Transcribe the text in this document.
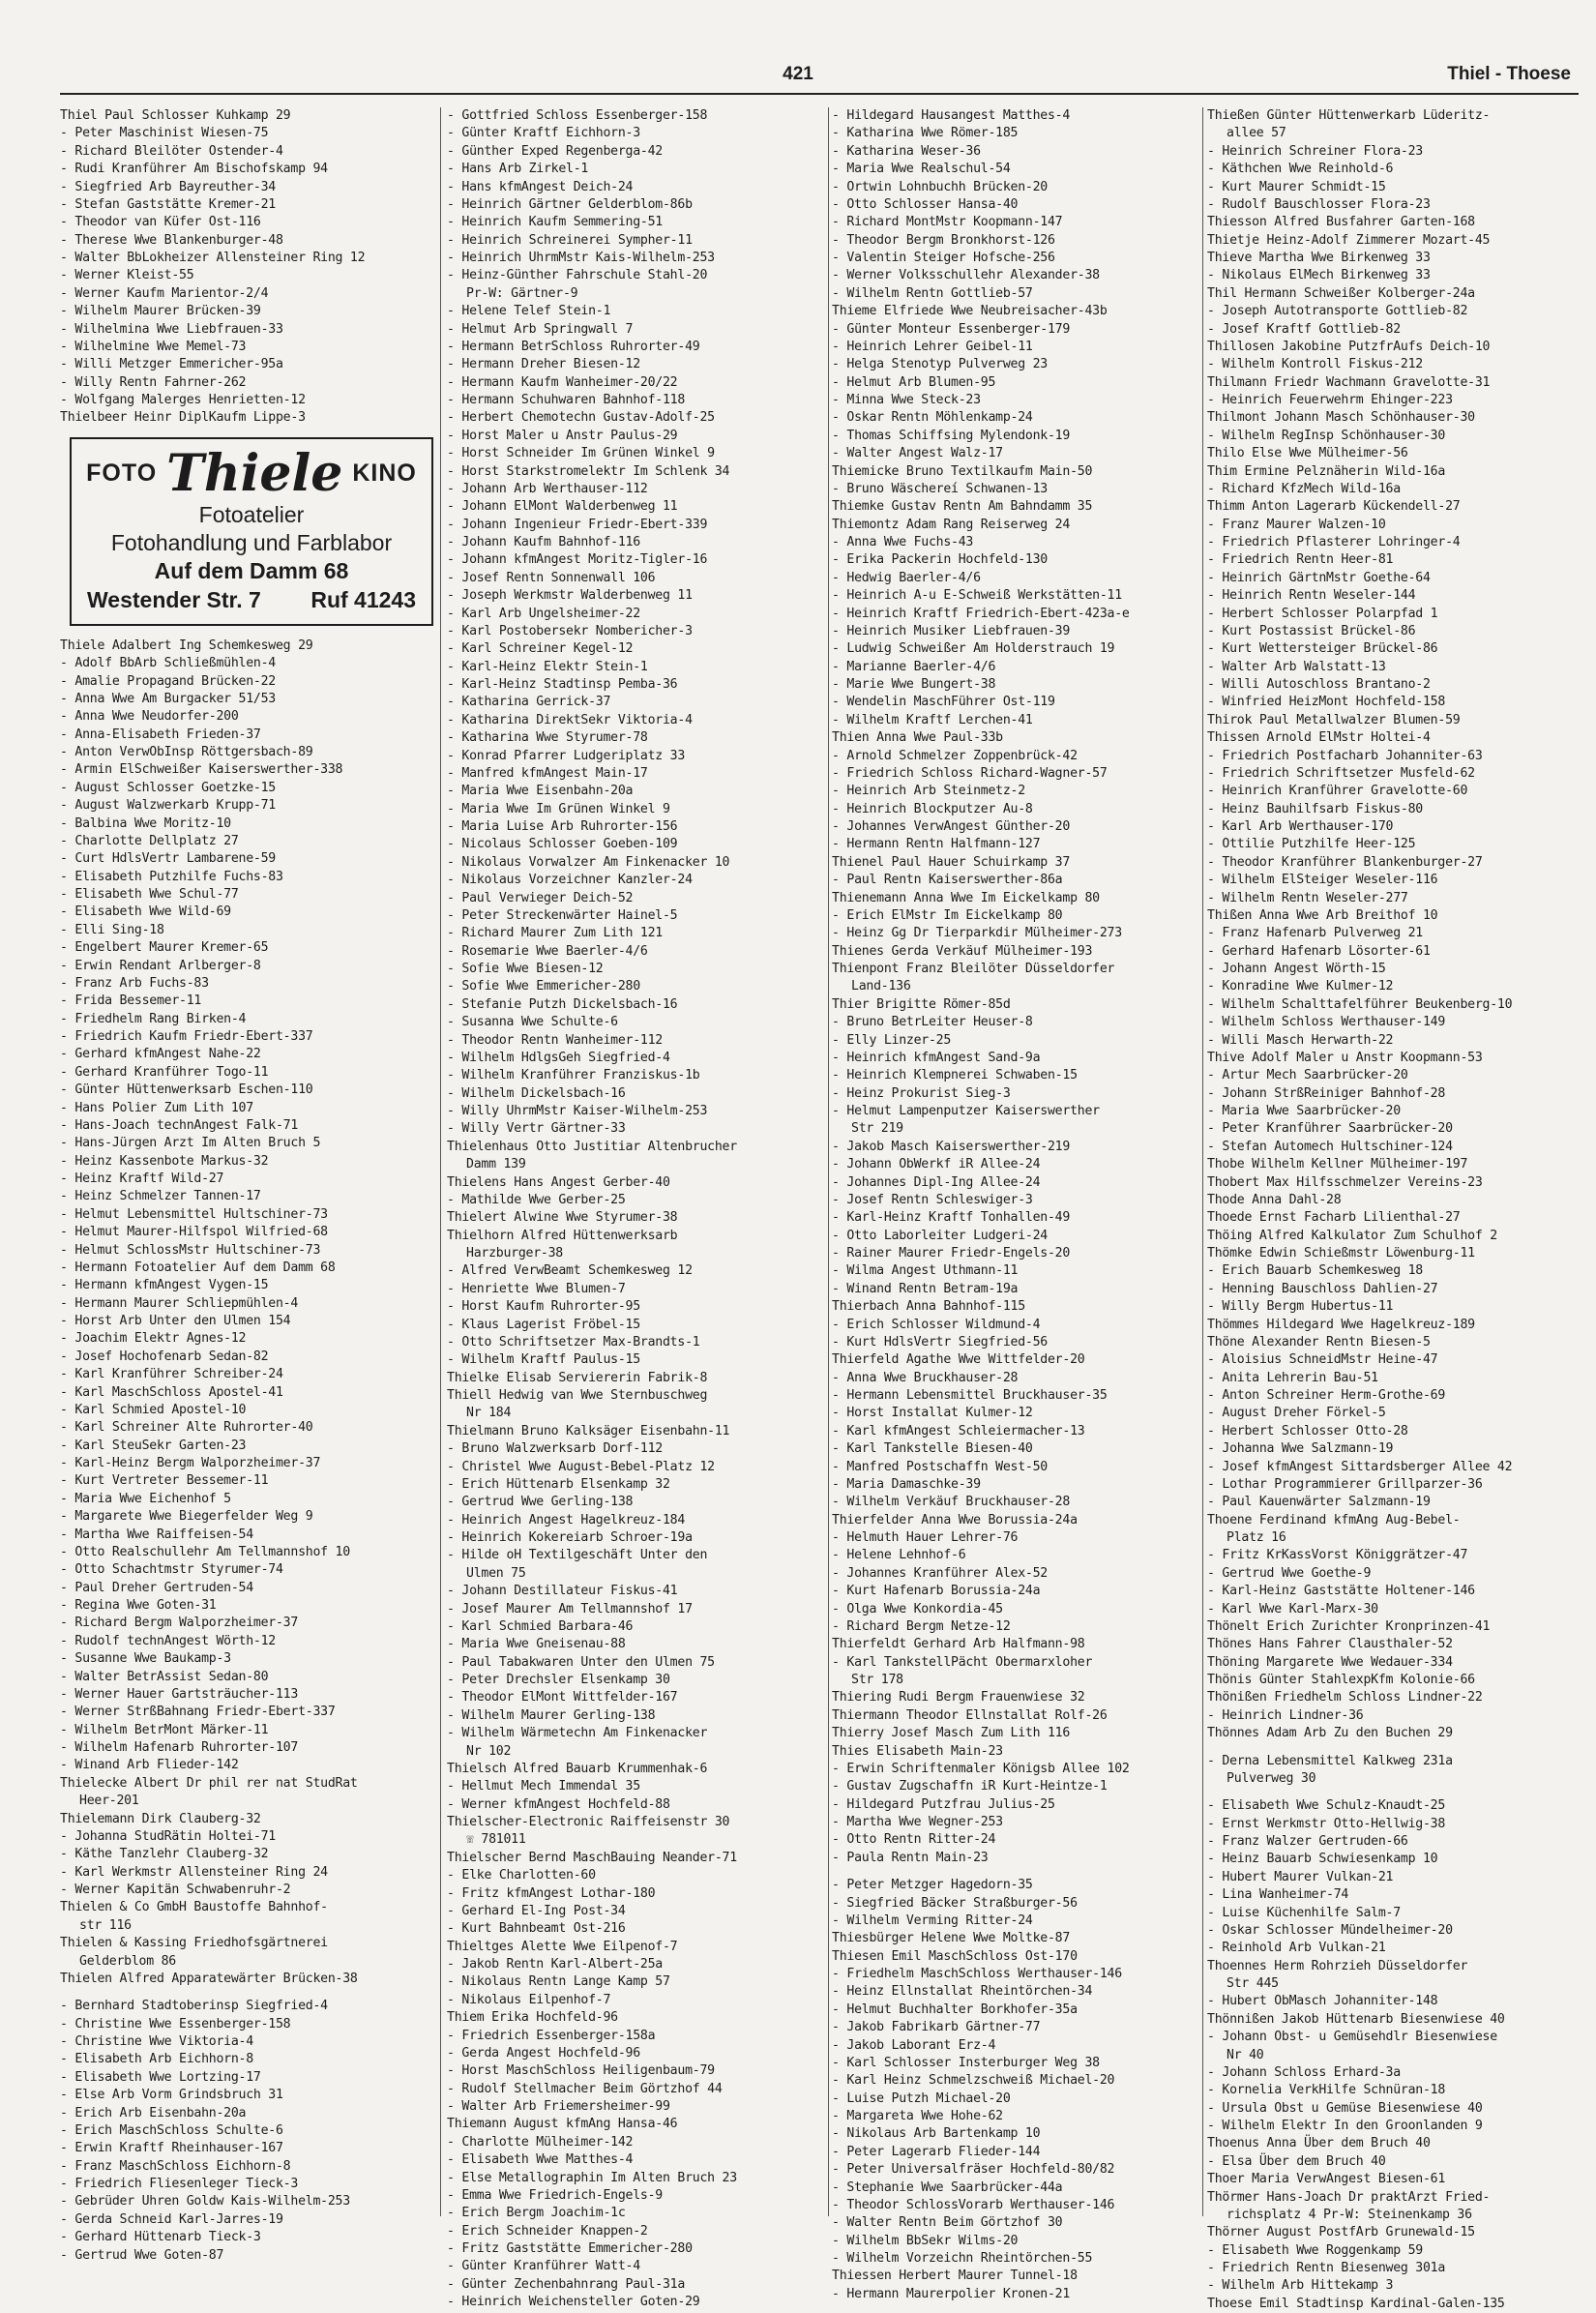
421	Thiel - Thoese
Thiel Paul Schlosser Kuhkamp 29
- Peter Maschinist Wiesen-75
- Richard Bleilöter Ostender-4
- Rudi Kranführer Am Bischofskamp 94
- Siegfried Arb Bayreuther-34
- Stefan Gaststätte Kremer-21
- Theodor van Küfer Ost-116
- Therese Wwe Blankenburger-48
- Walter BbLokheizer Allensteiner Ring 12
- Werner Kleist-55
- Werner Kaufm Marientor-2/4
- Wilhelm Maurer Brücken-39
- Wilhelmina Wwe Liebfrauen-33
- Wilhelmine Wwe Memel-73
- Willi Metzger Emmericher-95a
- Willy Rentn Fahrner-262
- Wolfgang Malerges Henrietten-12
Thielbeer Heinr DiplKaufm Lippe-3
FOTO Thiele KINO
Fotoatelier
Fotohandlung und Farblabor
Auf dem Damm 68
Westender Str. 7 Ruf 41243
Thiele Adalbert Ing Schemkesweg 29
- Adolf BbArb Schließmühlen-4
- Amalie Propagand Brücken-22
- Anna Wwe Am Burgacker 51/53
- Anna Wwe Neudorfer-200
- Anna-Elisabeth Frieden-37
- Anton VerwObInsp Röttgersbach-89
- Armin ElSchweißer Kaiserswerther-338
- August Schlosser Goetzke-15
- August Walzwerkarb Krupp-71
- Balbina Wwe Moritz-10
- Charlotte Dellplatz 27
- Curt HdlsVertr Lambarene-59
- Elisabeth Putzhilfe Fuchs-83
- Elisabeth Wwe Schul-77
- Elisabeth Wwe Wild-69
- Elli Sing-18
- Engelbert Maurer Kremer-65
- Erwin Rendant Arlberger-8
- Franz Arb Fuchs-83
- Frida Bessemer-11
- Friedhelm Rang Birken-4
- Friedrich Kaufm Friedr-Ebert-337
- Gerhard kfmAngest Nahe-22
- Gerhard Kranführer Togo-11
- Günter Hüttenwerksarb Eschen-110
- Hans Polier Zum Lith 107
- Hans-Joach technAngest Falk-71
- Hans-Jürgen Arzt Im Alten Bruch 5
- Heinz Kassenbote Markus-32
- Heinz Kraftf Wild-27
- Heinz Schmelzer Tannen-17
- Helmut Lebensmittel Hultschiner-73
- Helmut Maurer-Hilfspol Wilfried-68
- Helmut SchlossMstr Hultschiner-73
- Hermann Fotoatelier Auf dem Damm 68
- Hermann kfmAngest Vygen-15
- Hermann Maurer Schliepmühlen-4
- Horst Arb Unter den Ulmen 154
- Joachim Elektr Agnes-12
- Josef Hochofenarb Sedan-82
- Karl Kranführer Schreiber-24
- Karl MaschSchloss Apostel-41
- Karl Schmied Apostel-10
- Karl Schreiner Alte Ruhrorter-40
- Karl SteuSekr Garten-23
- Karl-Heinz Bergm Walporzheimer-37
- Kurt Vertreter Bessemer-11
- Maria Wwe Eichenhof 5
- Margarete Wwe Biegerfelder Weg 9
- Martha Wwe Raiffeisen-54
- Otto Realschullehr Am Tellmannshof 10
- Otto Schachtmstr Styrumer-74
- Paul Dreher Gertruden-54
- Regina Wwe Goten-31
- Richard Bergm Walporzheimer-37
- Rudolf technAngest Wörth-12
- Susanne Wwe Baukamp-3
- Walter BetrAssist Sedan-80
- Werner Hauer Gartsträucher-113
- Werner StrßBahnang Friedr-Ebert-337
- Wilhelm BetrMont Märker-11
- Wilhelm Hafenarb Ruhrorter-107
- Winand Arb Flieder-142
Thielecke Albert Dr phil rer nat StudRat
Heer-201
Thielemann Dirk Clauberg-32
- Johanna StudRätin Holtei-71
- Käthe Tanzlehr Clauberg-32
- Karl Werkmstr Allensteiner Ring 24
- Werner Kapitän Schwabenruhr-2
Thielen & Co GmbH Baustoffe Bahnhof-
str 116
Thielen & Kassing Friedhofsgärtnerei
Gelderblom 86
Thielen Alfred Apparatewärter Brücken-38
- Bernhard Stadtoberinsp Siegfried-4
- Christine Wwe Essenberger-158
- Christine Wwe Viktoria-4
- Elisabeth Arb Eichhorn-8
- Elisabeth Wwe Lortzing-17
- Else Arb Vorm Grindsbruch 31
- Erich Arb Eisenbahn-20a
- Erich MaschSchloss Schulte-6
- Erwin Kraftf Rheinhauser-167
- Franz MaschSchloss Eichhorn-8
- Friedrich Fliesenleger Tieck-3
- Gebrüder Uhren Goldw Kais-Wilhelm-253
- Gerda Schneid Karl-Jarres-19
- Gerhard Hüttenarb Tieck-3
- Gertrud Wwe Goten-87
- Gottfried Schloss Essenberger-158
- Günter Kraftf Eichhorn-3
- Günther Exped Regenberga-42
- Hans Arb Zirkel-1
- Hans kfmAngest Deich-24
- Heinrich Gärtner Gelderblom-86b
- Heinrich Kaufm Semmering-51
- Heinrich Schreinerei Sympher-11
- Heinrich UhrmMstr Kais-Wilhelm-253
- Heinz-Günther Fahrschule Stahl-20
Pr-W: Gärtner-9
- Helene Telef Stein-1
- Helmut Arb Springwall 7
- Hermann BetrSchloss Ruhrorter-49
- Hermann Dreher Biesen-12
- Hermann Kaufm Wanheimer-20/22
- Hermann Schuhwaren Bahnhof-118
- Herbert Chemotechn Gustav-Adolf-25
- Horst Maler u Anstr Paulus-29
- Horst Schneider Im Grünen Winkel 9
- Horst Starkstromelektr Im Schlenk 34
- Johann Arb Werthauser-112
- Johann ElMont Walderbenweg 11
- Johann Ingenieur Friedr-Ebert-339
- Johann Kaufm Bahnhof-116
- Johann kfmAngest Moritz-Tigler-16
- Josef Rentn Sonnenwall 106
- Joseph Werkmstr Walderbenweg 11
- Karl Arb Ungelsheimer-22
- Karl Postobersekr Nombericher-3
- Karl Schreiner Kegel-12
- Karl-Heinz Elektr Stein-1
- Karl-Heinz Stadtinsp Pemba-36
- Katharina Gerrick-37
- Katharina DirektSekr Viktoria-4
- Katharina Wwe Styrumer-78
- Konrad Pfarrer Ludgeriplatz 33
- Manfred kfmAngest Main-17
- Maria Wwe Eisenbahn-20a
- Maria Wwe Im Grünen Winkel 9
- Maria Luise Arb Ruhrorter-156
- Nicolaus Schlosser Goeben-109
- Nikolaus Vorwalzer Am Finkenacker 10
- Nikolaus Vorzeichner Kanzler-24
- Paul Verwieger Deich-52
- Peter Streckenwärter Hainel-5
- Richard Maurer Zum Lith 121
- Rosemarie Wwe Baerler-4/6
- Sofie Wwe Biesen-12
- Sofie Wwe Emmericher-280
- Stefanie Putzh Dickelsbach-16
- Susanna Wwe Schulte-6
- Theodor Rentn Wanheimer-112
- Wilhelm HdlgsGeh Siegfried-4
- Wilhelm Kranführer Franziskus-1b
- Wilhelm Dickelsbach-16
- Willy UhrmMstr Kaiser-Wilhelm-253
- Willy Vertr Gärtner-33
Thielenhaus Otto Justitiar Altenbrucher
Damm 139
Thielens Hans Angest Gerber-40
- Mathilde Wwe Gerber-25
Thielert Alwine Wwe Styrumer-38
Thielhorn Alfred Hüttenwerksarb
Harzburger-38
- Alfred VerwBeamt Schemkesweg 12
- Henriette Wwe Blumen-7
- Horst Kaufm Ruhrorter-95
- Klaus Lagerist Fröbel-15
- Otto Schriftsetzer Max-Brandts-1
- Wilhelm Kraftf Paulus-15
Thielke Elisab Serviererin Fabrik-8
Thiell Hedwig van Wwe Sternbuschweg
Nr 184
Thielmann Bruno Kalksäger Eisenbahn-11
- Bruno Walzwerksarb Dorf-112
- Christel Wwe August-Bebel-Platz 12
- Erich Hüttenarb Elsenkamp 32
- Gertrud Wwe Gerling-138
- Heinrich Angest Hagelkreuz-184
- Heinrich Kokereiarb Schroer-19a
- Hilde oH Textilgeschäft Unter den
Ulmen 75
- Johann Destillateur Fiskus-41
- Josef Maurer Am Tellmannshof 17
- Karl Schmied Barbara-46
- Maria Wwe Gneisenau-88
- Paul Tabakwaren Unter den Ulmen 75
- Peter Drechsler Elsenkamp 30
- Theodor ElMont Wittfelder-167
- Wilhelm Maurer Gerling-138
- Wilhelm Wärmetechn Am Finkenacker
Nr 102
Thielsch Alfred Bauarb Krummenhak-6
- Hellmut Mech Immendal 35
- Werner kfmAngest Hochfeld-88
Thielscher-Electronic Raiffeisenstr 30
☏ 781011
Thielscher Bernd MaschBauing Neander-71
- Elke Charlotten-60
- Fritz kfmAngest Lothar-180
- Gerhard El-Ing Post-34
- Kurt Bahnbeamt Ost-216
Thieltges Alette Wwe Eilpenof-7
- Jakob Rentn Karl-Albert-25a
- Nikolaus Rentn Lange Kamp 57
- Nikolaus Eilpenhof-7
Thiem Erika Hochfeld-96
- Friedrich Essenberger-158a
- Gerda Angest Hochfeld-96
- Horst MaschSchloss Heiligenbaum-79
- Rudolf Stellmacher Beim Görtzhof 44
- Walter Arb Friemersheimer-99
Thiemann August kfmAng Hansa-46
- Charlotte Mülheimer-142
- Elisabeth Wwe Matthes-4
- Else Metallographin Im Alten Bruch 23
- Emma Wwe Friedrich-Engels-9
- Erich Bergm Joachim-1c
- Erich Schneider Knappen-2
- Fritz Gaststätte Emmericher-280
- Günter Kranführer Watt-4
- Günter Zechenbahnrang Paul-31a
- Heinrich Weichensteller Goten-29
- Hildegard Hausangest Matthes-4
- Katharina Wwe Römer-185
- Katharina Weser-36
- Maria Wwe Realschul-54
- Ortwin Lohnbuchh Brücken-20
- Otto Schlosser Hansa-40
- Richard MontMstr Koopmann-147
- Theodor Bergm Bronkhorst-126
- Valentin Steiger Hofsche-256
- Werner Volksschullehr Alexander-38
- Wilhelm Rentn Gottlieb-57
Thieme Elfriede Wwe Neubreisacher-43b
- Günter Monteur Essenberger-179
- Heinrich Lehrer Geibel-11
- Helga Stenotyp Pulverweg 23
- Helmut Arb Blumen-95
- Minna Wwe Steck-23
- Oskar Rentn Möhlenkamp-24
- Thomas Schiffsing Mylendonk-19
- Walter Angest Walz-17
Thiemicke Bruno Textilkaufm Main-50
- Bruno Wäschereí Schwanen-13
Thiemke Gustav Rentn Am Bahndamm 35
Thiemontz Adam Rang Reiserweg 24
- Anna Wwe Fuchs-43
- Erika Packerin Hochfeld-130
- Hedwig Baerler-4/6
- Heinrich A-u E-Schweiß Werkstätten-11
- Heinrich Kraftf Friedrich-Ebert-423a-e
- Heinrich Musiker Liebfrauen-39
- Ludwig Schweißer Am Holderstrauch 19
- Marianne Baerler-4/6
- Marie Wwe Bungert-38
- Wendelin MaschFührer Ost-119
- Wilhelm Kraftf Lerchen-41
Thien Anna Wwe Paul-33b
- Arnold Schmelzer Zoppenbrück-42
- Friedrich Schloss Richard-Wagner-57
- Heinrich Arb Steinmetz-2
- Heinrich Blockputzer Au-8
- Johannes VerwAngest Günther-20
- Hermann Rentn Halfmann-127
Thienel Paul Hauer Schuirkamp 37
- Paul Rentn Kaiserswerther-86a
Thienemann Anna Wwe Im Eickelkamp 80
- Erich ElMstr Im Eickelkamp 80
- Heinz Gg Dr Tierparkdir Mülheimer-273
Thienes Gerda Verkäuf Mülheimer-193
Thienpont Franz Bleilöter Düsseldorfer
Land-136
Thier Brigitte Römer-85d
- Bruno BetrLeiter Heuser-8
- Elly Linzer-25
- Heinrich kfmAngest Sand-9a
- Heinrich Klempnerei Schwaben-15
- Heinz Prokurist Sieg-3
- Helmut Lampenputzer Kaiserswerther
Str 219
- Jakob Masch Kaiserswerther-219
- Johann ObWerkf iR Allee-24
- Johannes Dipl-Ing Allee-24
- Josef Rentn Schleswiger-3
- Karl-Heinz Kraftf Tonhallen-49
- Otto Laborleiter Ludgeri-24
- Rainer Maurer Friedr-Engels-20
- Wilma Angest Uthmann-11
- Winand Rentn Betram-19a
Thierbach Anna Bahnhof-115
- Erich Schlosser Wildmund-4
- Kurt HdlsVertr Siegfried-56
Thierfeld Agathe Wwe Wittfelder-20
- Anna Wwe Bruckhauser-28
- Hermann Lebensmittel Bruckhauser-35
- Horst Installat Kulmer-12
- Karl kfmAngest Schleiermacher-13
- Karl Tankstelle Biesen-40
- Manfred Postschaffn West-50
- Maria Damaschke-39
- Wilhelm Verkäuf Bruckhauser-28
Thierfelder Anna Wwe Borussia-24a
- Helmuth Hauer Lehrer-76
- Helene Lehnhof-6
- Johannes Kranführer Alex-52
- Kurt Hafenarb Borussia-24a
- Olga Wwe Konkordia-45
- Richard Bergm Netze-12
Thierfeldt Gerhard Arb Halfmann-98
- Karl TankstellPächt Obermarxloher
Str 178
Thiering Rudi Bergm Frauenwiese 32
Thiermann Theodor Ellnstallat Rolf-26
Thierry Josef Masch Zum Lith 116
Thies Elisabeth Main-23
- Erwin Schriftenmaler Königsb Allee 102
- Gustav Zugschaffn iR Kurt-Heintze-1
- Hildegard Putzfrau Julius-25
- Martha Wwe Wegner-253
- Otto Rentn Ritter-24
- Paula Rentn Main-23
- Peter Metzger Hagedorn-35
- Siegfried Bäcker Straßburger-56
- Wilhelm Verming Ritter-24
Thiesbürger Helene Wwe Moltke-87
Thiesen Emil MaschSchloss Ost-170
- Friedhelm MaschSchloss Werthauser-146
- Heinz Ellnstallat Rheintörchen-34
- Helmut Buchhalter Borkhofer-35a
- Jakob Fabrikarb Gärtner-77
- Jakob Laborant Erz-4
- Karl Schlosser Insterburger Weg 38
- Karl Heinz Schmelzschweiß Michael-20
- Luise Putzh Michael-20
- Margareta Wwe Hohe-62
- Nikolaus Arb Bartenkamp 10
- Peter Lagerarb Flieder-144
- Peter Universalfräser Hochfeld-80/82
- Stephanie Wwe Saarbrücker-44a
- Theodor SchlossVorarb Werthauser-146
- Walter Rentn Beim Görtzhof 30
- Wilhelm BbSekr Wilms-20
- Wilhelm Vorzeichn Rheintörchen-55
Thiessen Herbert Maurer Tunnel-18
- Hermann Maurerpolier Kronen-21
Thießen Günter Hüttenwerkarb Lüderitz-
allee 57
- Heinrich Schreiner Flora-23
- Käthchen Wwe Reinhold-6
- Kurt Maurer Schmidt-15
- Rudolf Bauschlosser Flora-23
Thiesson Alfred Busfahrer Garten-168
Thietje Heinz-Adolf Zimmerer Mozart-45
Thieve Martha Wwe Birkenweg 33
- Nikolaus ElMech Birkenweg 33
Thil Hermann Schweißer Kolberger-24a
- Joseph Autotransporte Gottlieb-82
- Josef Kraftf Gottlieb-82
Thillosen Jakobine PutzfrAufs Deich-10
- Wilhelm Kontroll Fiskus-212
Thilmann Friedr Wachmann Gravelotte-31
- Heinrich Feuerwehrm Ehinger-223
Thilmont Johann Masch Schönhauser-30
- Wilhelm RegInsp Schönhauser-30
Thilo Else Wwe Mülheimer-56
Thim Ermine Pelznäherin Wild-16a
- Richard KfzMech Wild-16a
Thimm Anton Lagerarb Kückendell-27
- Franz Maurer Walzen-10
- Friedrich Pflasterer Lohringer-4
- Friedrich Rentn Heer-81
- Heinrich GärtnMstr Goethe-64
- Heinrich Rentn Weseler-144
- Herbert Schlosser Polarpfad 1
- Kurt Postassist Brückel-86
- Kurt Wettersteiger Brückel-86
- Walter Arb Walstatt-13
- Willi Autoschloss Brantano-2
- Winfried HeizMont Hochfeld-158
Thirok Paul Metallwalzer Blumen-59
Thissen Arnold ElMstr Holtei-4
- Friedrich Postfacharb Johanniter-63
- Friedrich Schriftsetzer Musfeld-62
- Heinrich Kranführer Gravelotte-60
- Heinz Bauhilfsarb Fiskus-80
- Karl Arb Werthauser-170
- Ottilie Putzhilfe Heer-125
- Theodor Kranführer Blankenburger-27
- Wilhelm ElSteiger Weseler-116
- Wilhelm Rentn Weseler-277
Thißen Anna Wwe Arb Breithof 10
- Franz Hafenarb Pulverweg 21
- Gerhard Hafenarb Lösorter-61
- Johann Angest Wörth-15
- Konradine Wwe Kulmer-12
- Wilhelm Schalttafelführer Beukenberg-10
- Wilhelm Schloss Werthauser-149
- Willi Masch Herwarth-22
Thive Adolf Maler u Anstr Koopmann-53
- Artur Mech Saarbrücker-20
- Johann StrßReiniger Bahnhof-28
- Maria Wwe Saarbrücker-20
- Peter Kranführer Saarbrücker-20
- Stefan Automech Hultschiner-124
Thobe Wilhelm Kellner Mülheimer-197
Thobert Max Hilfsschmelzer Vereins-23
Thode Anna Dahl-28
Thoede Ernst Facharb Lilienthal-27
Thöing Alfred Kalkulator Zum Schulhof 2
Thömke Edwin Schießmstr Löwenburg-11
- Erich Bauarb Schemkesweg 18
- Henning Bauschloss Dahlien-27
- Willy Bergm Hubertus-11
Thömmes Hildegard Wwe Hagelkreuz-189
Thöne Alexander Rentn Biesen-5
- Aloisius SchneidMstr Heine-47
- Anita Lehrerin Bau-51
- Anton Schreiner Herm-Grothe-69
- August Dreher Förkel-5
- Herbert Schlosser Otto-28
- Johanna Wwe Salzmann-19
- Josef kfmAngest Sittardsberger Allee 42
- Lothar Programmierer Grillparzer-36
- Paul Kauenwärter Salzmann-19
Thoene Ferdinand kfmAng Aug-Bebel-
Platz 16
- Fritz KrKassVorst Königgrätzer-47
- Gertrud Wwe Goethe-9
- Karl-Heinz Gaststätte Holtener-146
- Karl Wwe Karl-Marx-30
Thönelt Erich Zurichter Kronprinzen-41
Thönes Hans Fahrer Clausthaler-52
Thöning Margarete Wwe Wedauer-334
Thönis Günter StahlexpKfm Kolonie-66
Thönißen Friedhelm Schloss Lindner-22
- Heinrich Lindner-36
Thönnes Adam Arb Zu den Buchen 29
- Derna Lebensmittel Kalkweg 231a
Pulverweg 30
- Elisabeth Wwe Schulz-Knaudt-25
- Ernst Werkmstr Otto-Hellwig-38
- Franz Walzer Gertruden-66
- Heinz Bauarb Schwiesenkamp 10
- Hubert Maurer Vulkan-21
- Lina Wanheimer-74
- Luise Küchenhilfe Salm-7
- Oskar Schlosser Mündelheimer-20
- Reinhold Arb Vulkan-21
Thoennes Herm Rohrzieh Düsseldorfer
Str 445
- Hubert ObMasch Johanniter-148
Thönnißen Jakob Hüttenarb Biesenwiese 40
- Johann Obst- u Gemüsehdlr Biesenwiese
Nr 40
- Johann Schloss Erhard-3a
- Kornelia VerkHilfe Schnüran-18
- Ursula Obst u Gemüse Biesenwiese 40
- Wilhelm Elektr In den Groonlanden 9
Thoenus Anna Über dem Bruch 40
- Elsa Über dem Bruch 40
Thoer Maria VerwAngest Biesen-61
Thörmer Hans-Joach Dr praktArzt Fried-
richsplatz 4 Pr-W: Steinenkamp 36
Thörner August PostfArb Grunewald-15
- Elisabeth Wwe Roggenkamp 59
- Friedrich Rentn Biesenweg 301a
- Wilhelm Arb Hittekamp 3
Thoese Emil Stadtinsp Kardinal-Galen-135
